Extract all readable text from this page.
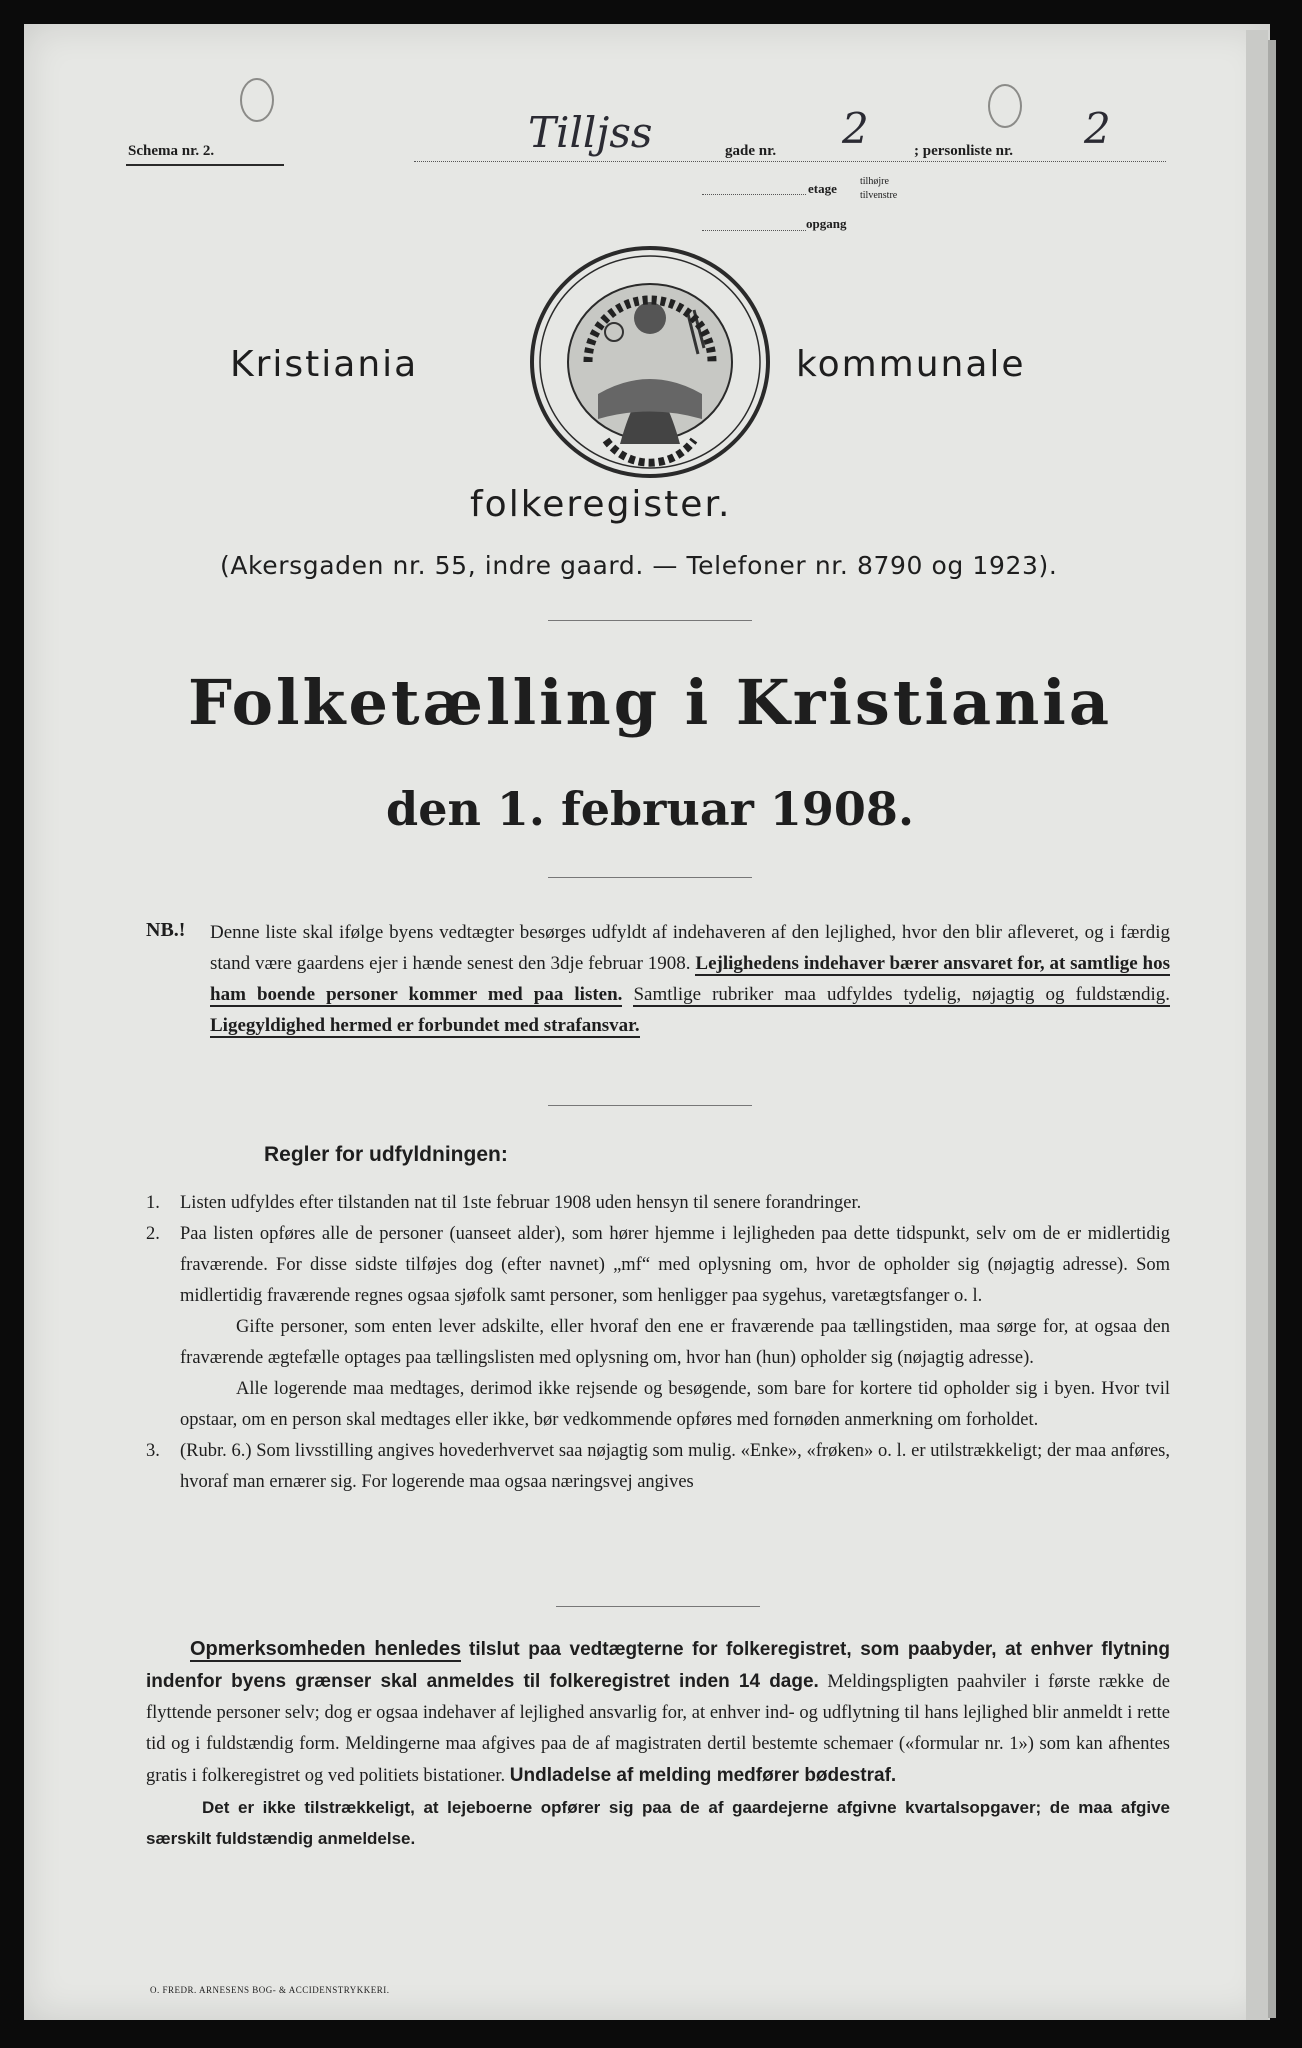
Schema nr. 2.	Tilljss	gade nr. 2	; personliste nr. 2
etage tilhøjre
tilvenstre
opgang
Kristiania	kommunale
folkeregister.
(Akersgaden nr. 55, indre gaard. — Telefoner nr. 8790 og 1923).
Folketælling i Kristiania
den 1. februar 1908.
NB.! Denne liste skal ifølge byens vedtægter besørges udfyldt af indehaveren af den lejlighed, hvor den blir afleveret, og i færdig stand være gaardens ejer i hænde senest den 3dje februar 1908. Lejlighedens indehaver bærer ansvaret for, at samtlige hos ham boende personer kommer med paa listen. Samtlige rubriker maa udfyldes tydelig, nøjagtig og fuldstændig. Ligegyldighed hermed er forbundet med strafansvar.
Regler for udfyldningen:
1.	Listen udfyldes efter tilstanden nat til 1ste februar 1908 uden hensyn til senere forandringer.
2.	Paa listen opføres alle de personer (uanseet alder), som hører hjemme i lejligheden paa dette tidspunkt, selv om de er midlertidig fraværende. For disse sidste tilføjes dog (efter navnet) „mf“ med oplysning om, hvor de opholder sig (nøjagtig adresse). Som midlertidig fraværende regnes ogsaa sjøfolk samt personer, som henligger paa sygehus, varetægtsfanger o. l.
Gifte personer, som enten lever adskilte, eller hvoraf den ene er fraværende paa tællingstiden, maa sørge for, at ogsaa den fraværende ægtefælle optages paa tællingslisten med oplysning om, hvor han (hun) opholder sig (nøjagtig adresse).
Alle logerende maa medtages, derimod ikke rejsende og besøgende, som bare for kortere tid opholder sig i byen. Hvor tvil opstaar, om en person skal medtages eller ikke, bør vedkommende opføres med fornøden anmerkning om forholdet.
3.	(Rubr. 6.) Som livsstilling angives hovederhvervet saa nøjagtig som mulig. «Enke», «frøken» o. l. er utilstrækkeligt; der maa anføres, hvoraf man ernærer sig. For logerende maa ogsaa næringsvej angives
Opmerksomheden henledes tilslut paa vedtægterne for folkeregistret, som paabyder, at enhver flytning indenfor byens grænser skal anmeldes til folkeregistret inden 14 dage. Meldingspligten paahviler i første række de flyttende personer selv; dog er ogsaa indehaver af lejlighed ansvarlig for, at enhver ind- og udflytning til hans lejlighed blir anmeldt i rette tid og i fuldstændig form. Meldingerne maa afgives paa de af magistraten dertil bestemte schemaer («formular nr. 1») som kan afhentes gratis i folkeregistret og ved politiets bistationer. Undladelse af melding medfører bødestraf.
Det er ikke tilstrækkeligt, at lejeboerne opfører sig paa de af gaardejerne afgivne kvartalsopgaver; de maa afgive særskilt fuldstændig anmeldelse.
O. FREDR. ARNESENS BOG- & ACCIDENSTRYKKERI.
